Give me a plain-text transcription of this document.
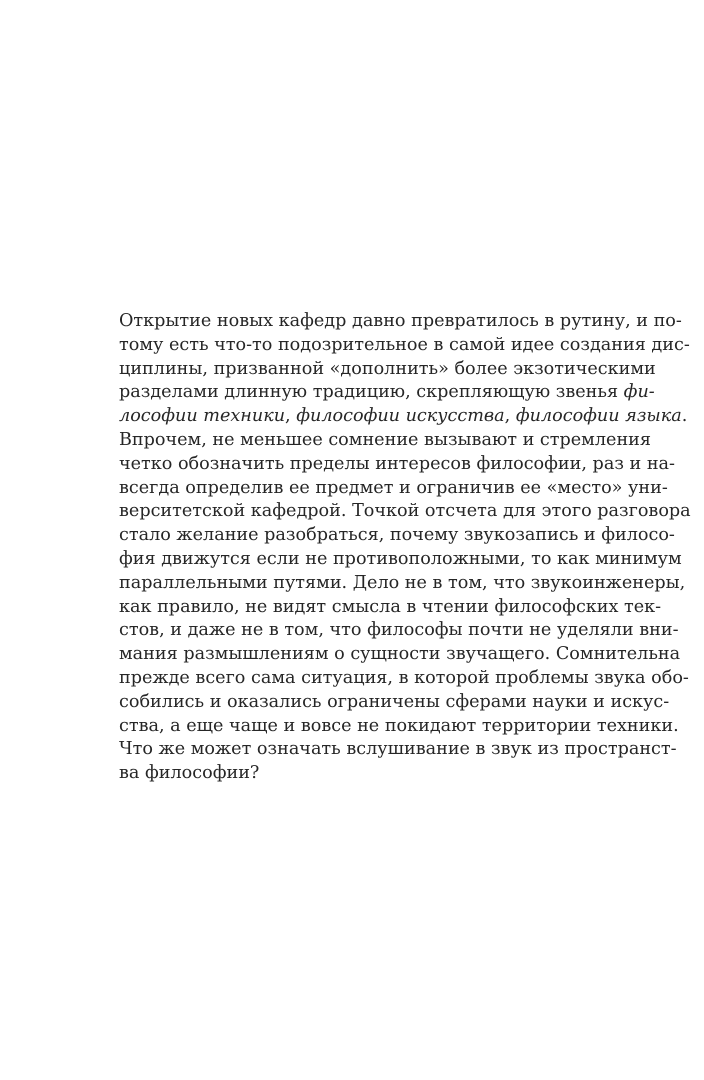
Открытие новых кафедр давно превратилось в рутину, и по-
тому есть что-то подозрительное в самой идее создания дис-
циплины, призванной «дополнить» более экзотическими
разделами длинную традицию, скрепляющую звенья фи-
лософии техники, философии искусства, философии языка.
Впрочем, не меньшее сомнение вызывают и стремления
четко обозначить пределы интересов философии, раз и на-
всегда определив ее предмет и ограничив ее «место» уни-
верситетской кафедрой. Точкой отсчета для этого разговора
стало желание разобраться, почему звукозапись и филосо-
фия движутся если не противоположными, то как минимум
параллельными путями. Дело не в том, что звукоинженеры,
как правило, не видят смысла в чтении философских тек-
стов, и даже не в том, что философы почти не уделяли вни-
мания размышлениям о сущности звучащего. Сомнительна
прежде всего сама ситуация, в которой проблемы звука обо-
собились и оказались ограничены сферами науки и искус-
ства, а еще чаще и вовсе не покидают территории техники.
Что же может означать вслушивание в звук из пространст-
ва философии?
